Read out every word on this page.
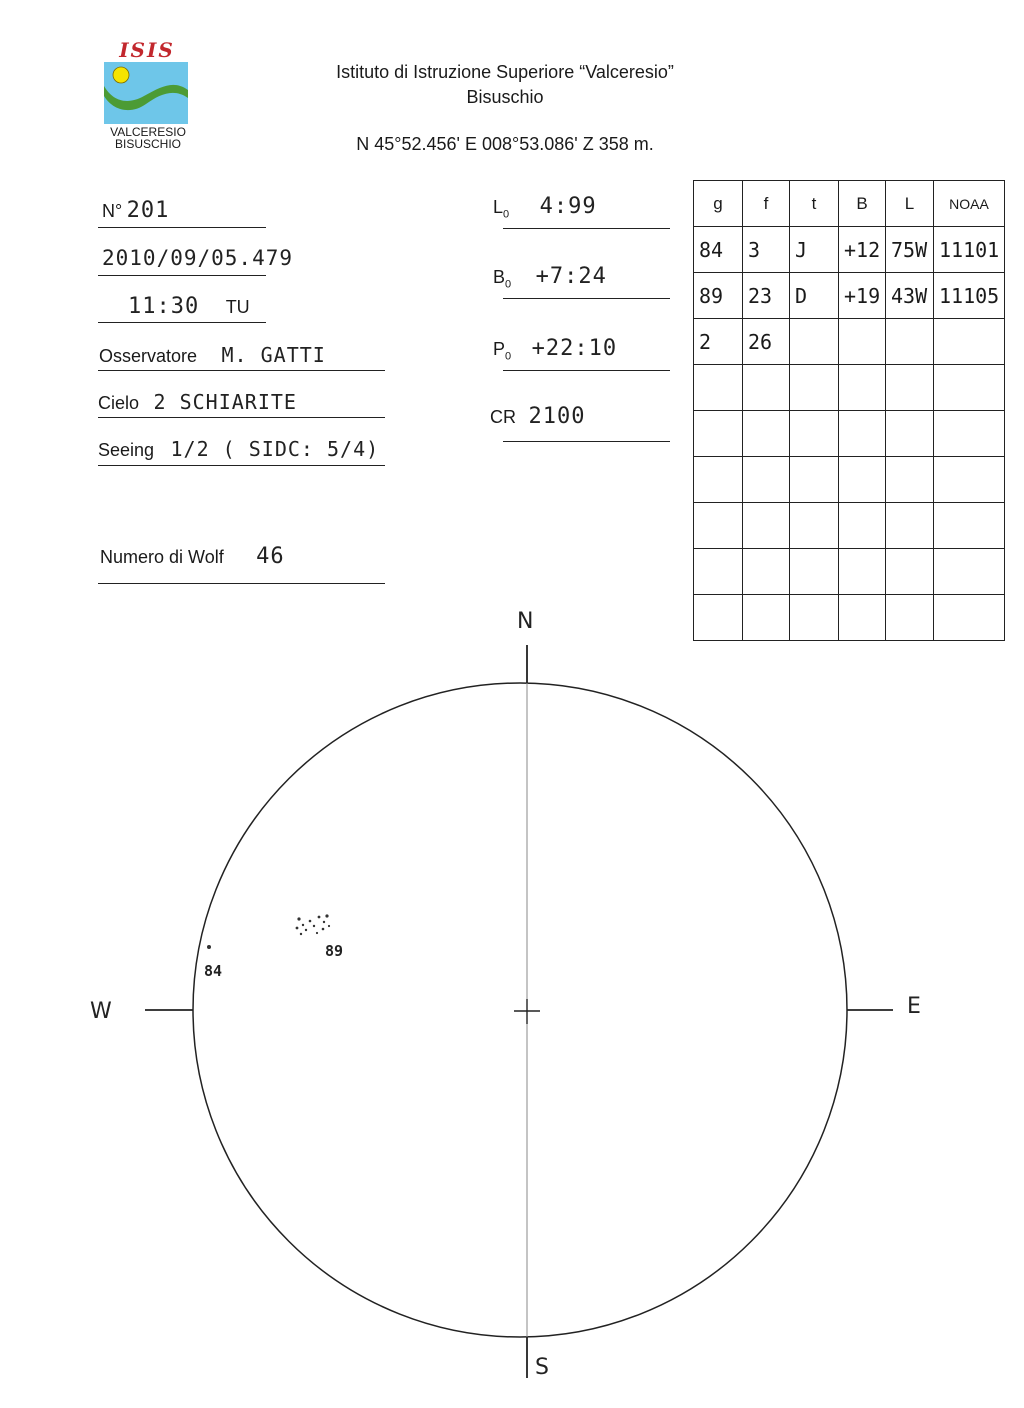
ISIS
VALCERESIO
BISUSCHIO
Istituto di Istruzione Superiore “Valceresio”
Bisuschio
N 45°52.456' E 008°53.086' Z 358 m.
N° 201
2010/09/05.479
11:30 TU
Osservatore M. GATTI
Cielo 2 SCHIARITE
Seeing 1/2 ( SIDC: 5/4)
Numero di Wolf 46
$L_0$ 4:99
$B_0$ +7:24
$P_0$ +22:10
CR 2100
g	f	t	B	L	NOAA
84	3	J	+12	75W	11101
89	23	D	+19	43W	11105
2	26				

N
S
E
W
84
89
